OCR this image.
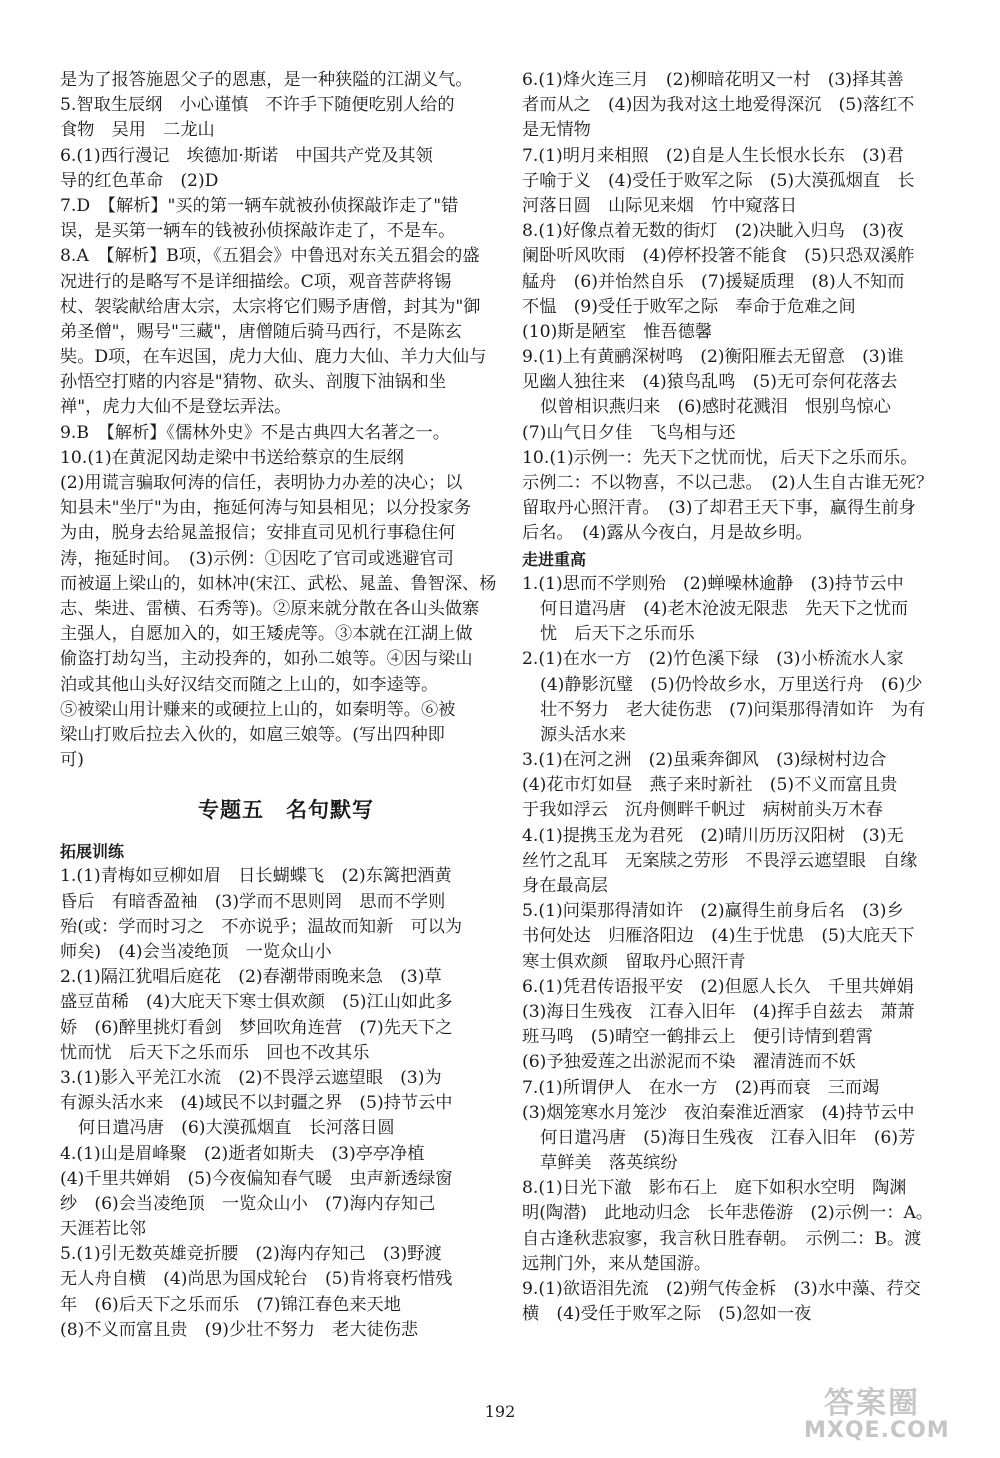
是为了报答施恩父子的恩惠，是一种狭隘的江湖义气。
5.智取生辰纲　小心谨慎　不许手下随便吃别人给的
食物　吴用　二龙山
6.(1)西行漫记　埃德加·斯诺　中国共产党及其领
导的红色革命　(2)D
7.D　【解析】"买的第一辆车就被孙侦探敲诈走了"错
误，是买第一辆车的钱被孙侦探敲诈走了，不是车。
8.A　【解析】B项，《五猖会》中鲁迅对东关五猖会的盛
况进行的是略写不是详细描绘。C项，观音菩萨将锡
杖、袈裟献给唐太宗，太宗将它们赐予唐僧，封其为"御
弟圣僧"，赐号"三藏"，唐僧随后骑马西行，不是陈玄
奘。D项，在车迟国，虎力大仙、鹿力大仙、羊力大仙与
孙悟空打赌的内容是"猜物、砍头、剖腹下油锅和坐
禅"，虎力大仙不是登坛弄法。
9.B　【解析】《儒林外史》不是古典四大名著之一。
10.(1)在黄泥冈劫走梁中书送给蔡京的生辰纲
(2)用谎言骗取何涛的信任，表明协力办差的决心；以
知县未"坐厅"为由，拖延何涛与知县相见；以分投家务
为由，脱身去给晁盖报信；安排直司见机行事稳住何
涛，拖延时间。　(3)示例：①因吃了官司或逃避官司
而被逼上梁山的，如林冲(宋江、武松、晁盖、鲁智深、杨
志、柴进、雷横、石秀等)。②原来就分散在各山头做寨
主强人，自愿加入的，如王矮虎等。③本就在江湖上做
偷盗打劫勾当，主动投奔的，如孙二娘等。④因与梁山
泊或其他山头好汉结交而随之上山的，如李逵等。
⑤被梁山用计赚来的或硬拉上山的，如秦明等。⑥被
梁山打败后拉去入伙的，如扈三娘等。(写出四种即
可)
专题五　名句默写
拓展训练
1.(1)青梅如豆柳如眉　日长蝴蝶飞　(2)东篱把酒黄
昏后　有暗香盈袖　(3)学而不思则罔　思而不学则
殆(或：学而时习之　不亦说乎；温故而知新　可以为
师矣)　(4)会当凌绝顶　一览众山小
2.(1)隔江犹唱后庭花　(2)春潮带雨晚来急　(3)草
盛豆苗稀　(4)大庇天下寒士俱欢颜　(5)江山如此多
娇　(6)醉里挑灯看剑　梦回吹角连营　(7)先天下之
忧而忧　后天下之乐而乐　回也不改其乐
3.(1)影入平羌江水流　(2)不畏浮云遮望眼　(3)为
有源头活水来　(4)域民不以封疆之界　(5)持节云中
何日遣冯唐　(6)大漠孤烟直　长河落日圆
4.(1)山是眉峰聚　(2)逝者如斯夫　(3)亭亭净植
(4)千里共婵娟　(5)今夜偏知春气暖　虫声新透绿窗
纱　(6)会当凌绝顶　一览众山小　(7)海内存知己
天涯若比邻
5.(1)引无数英雄竞折腰　(2)海内存知己　(3)野渡
无人舟自横　(4)尚思为国戍轮台　(5)肯将衰朽惜残
年　(6)后天下之乐而乐　(7)锦江春色来天地
(8)不义而富且贵　(9)少壮不努力　老大徒伤悲
6.(1)烽火连三月　(2)柳暗花明又一村　(3)择其善
者而从之　(4)因为我对这土地爱得深沉　(5)落红不
是无情物
7.(1)明月来相照　(2)自是人生长恨水长东　(3)君
子喻于义　(4)受任于败军之际　(5)大漠孤烟直　长
河落日圆　山际见来烟　竹中窥落日
8.(1)好像点着无数的街灯　(2)决眦入归鸟　(3)夜
阑卧听风吹雨　(4)停杯投箸不能食　(5)只恐双溪舴
艋舟　(6)并怡然自乐　(7)援疑质理　(8)人不知而
不愠　(9)受任于败军之际　奉命于危难之间
(10)斯是陋室　惟吾德馨
9.(1)上有黄鹂深树鸣　(2)衡阳雁去无留意　(3)谁
见幽人独往来　(4)猿鸟乱鸣　(5)无可奈何花落去
似曾相识燕归来　(6)感时花溅泪　恨别鸟惊心
(7)山气日夕佳　飞鸟相与还
10.(1)示例一：先天下之忧而忧，后天下之乐而乐。
示例二：不以物喜，不以己悲。　(2)人生自古谁无死？
留取丹心照汗青。　(3)了却君王天下事，赢得生前身
后名。　(4)露从今夜白，月是故乡明。
走进重高
1.(1)思而不学则殆　(2)蝉噪林逾静　(3)持节云中
何日遣冯唐　(4)老木沧波无限悲　先天下之忧而
忧　后天下之乐而乐
2.(1)在水一方　(2)竹色溪下绿　(3)小桥流水人家
(4)静影沉璧　(5)仍怜故乡水，万里送行舟　(6)少
壮不努力　老大徒伤悲　(7)问渠那得清如许　为有
源头活水来
3.(1)在河之洲　(2)虽乘奔御风　(3)绿树村边合
(4)花市灯如昼　燕子来时新社　(5)不义而富且贵
于我如浮云　沉舟侧畔千帆过　病树前头万木春
4.(1)提携玉龙为君死　(2)晴川历历汉阳树　(3)无
丝竹之乱耳　无案牍之劳形　不畏浮云遮望眼　自缘
身在最高层
5.(1)问渠那得清如许　(2)赢得生前身后名　(3)乡
书何处达　归雁洛阳边　(4)生于忧患　(5)大庇天下
寒士俱欢颜　留取丹心照汗青
6.(1)凭君传语报平安　(2)但愿人长久　千里共婵娟
(3)海日生残夜　江春入旧年　(4)挥手自兹去　萧萧
班马鸣　(5)晴空一鹤排云上　便引诗情到碧霄
(6)予独爱莲之出淤泥而不染　濯清涟而不妖
7.(1)所谓伊人　在水一方　(2)再而衰　三而竭
(3)烟笼寒水月笼沙　夜泊秦淮近酒家　(4)持节云中
何日遣冯唐　(5)海日生残夜　江春入旧年　(6)芳
草鲜美　落英缤纷
8.(1)日光下澈　影布石上　庭下如积水空明　陶渊
明(陶潜)　此地动归念　长年悲倦游　(2)示例一：A。
自古逢秋悲寂寥，我言秋日胜春朝。　示例二：B。渡
远荆门外，来从楚国游。
9.(1)欲语泪先流　(2)朔气传金柝　(3)水中藻、荇交
横　(4)受任于败军之际　(5)忽如一夜
192	答案圈
MXQE.COM
